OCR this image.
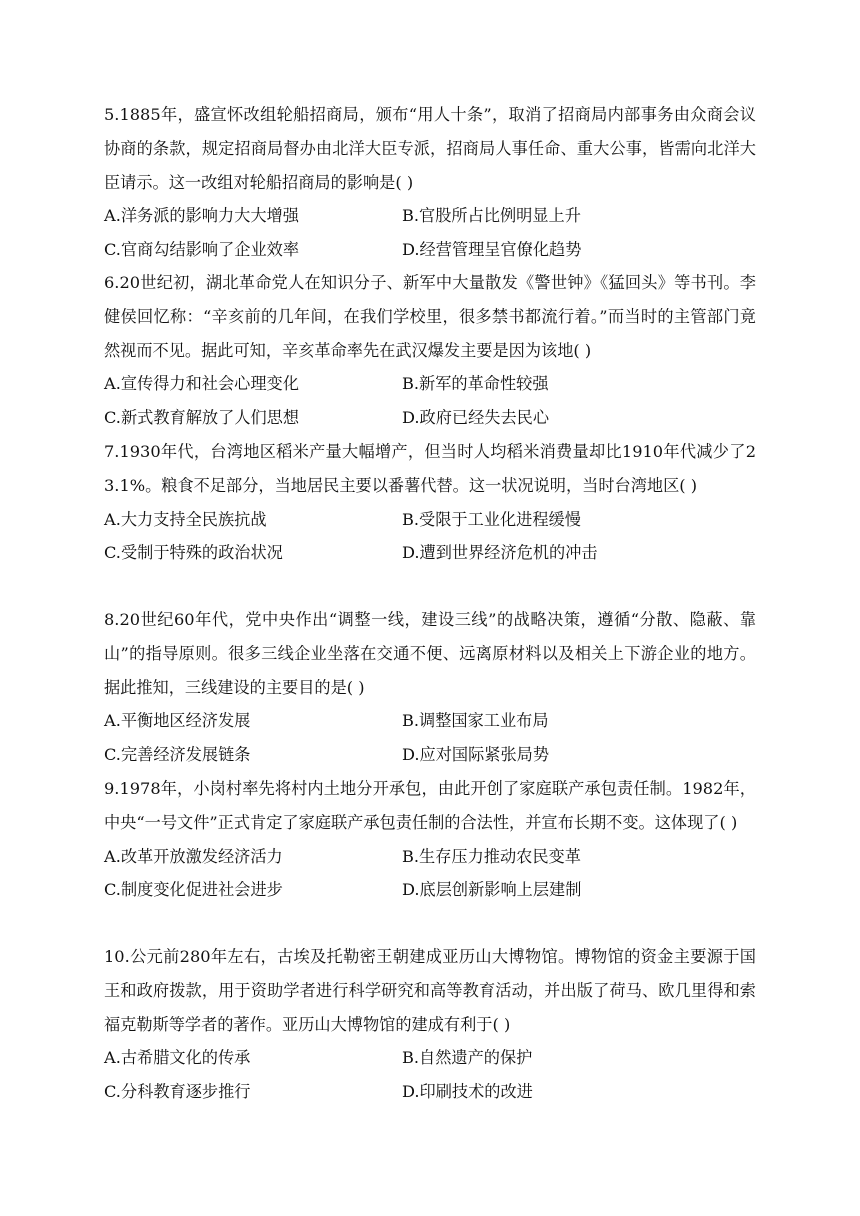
5.1885年，盛宣怀改组轮船招商局，颁布“用人十条”，取消了招商局内部事务由众商会议协商的条款，规定招商局督办由北洋大臣专派，招商局人事任命、重大公事，皆需向北洋大臣请示。这一改组对轮船招商局的影响是( )

A.洋务派的影响力大大增强	B.官股所占比例明显上升
C.官商勾结影响了企业效率	D.经营管理呈官僚化趋势

6.20世纪初，湖北革命党人在知识分子、新军中大量散发《警世钟》《猛回头》等书刊。李健侯回忆称：“辛亥前的几年间，在我们学校里，很多禁书都流行着。”而当时的主管部门竟然视而不见。据此可知，辛亥革命率先在武汉爆发主要是因为该地( )

A.宣传得力和社会心理变化	B.新军的革命性较强
C.新式教育解放了人们思想	D.政府已经失去民心

7.1930年代，台湾地区稻米产量大幅增产，但当时人均稻米消费量却比1910年代减少了23.1%。粮食不足部分，当地居民主要以番薯代替。这一状况说明，当时台湾地区( )

A.大力支持全民族抗战	B.受限于工业化进程缓慢
C.受制于特殊的政治状况	D.遭到世界经济危机的冲击

8.20世纪60年代，党中央作出“调整一线，建设三线”的战略决策，遵循“分散、隐蔽、靠山”的指导原则。很多三线企业坐落在交通不便、远离原材料以及相关上下游企业的地方。据此推知，三线建设的主要目的是( )

A.平衡地区经济发展	B.调整国家工业布局
C.完善经济发展链条	D.应对国际紧张局势

9.1978年，小岗村率先将村内土地分开承包，由此开创了家庭联产承包责任制。1982年，中央“一号文件”正式肯定了家庭联产承包责任制的合法性，并宣布长期不变。这体现了( )

A.改革开放激发经济活力	B.生存压力推动农民变革
C.制度变化促进社会进步	D.底层创新影响上层建制

10.公元前280年左右，古埃及托勒密王朝建成亚历山大博物馆。博物馆的资金主要源于国王和政府拨款，用于资助学者进行科学研究和高等教育活动，并出版了荷马、欧几里得和索福克勒斯等学者的著作。亚历山大博物馆的建成有利于( )

A.古希腊文化的传承	B.自然遗产的保护
C.分科教育逐步推行	D.印刷技术的改进
